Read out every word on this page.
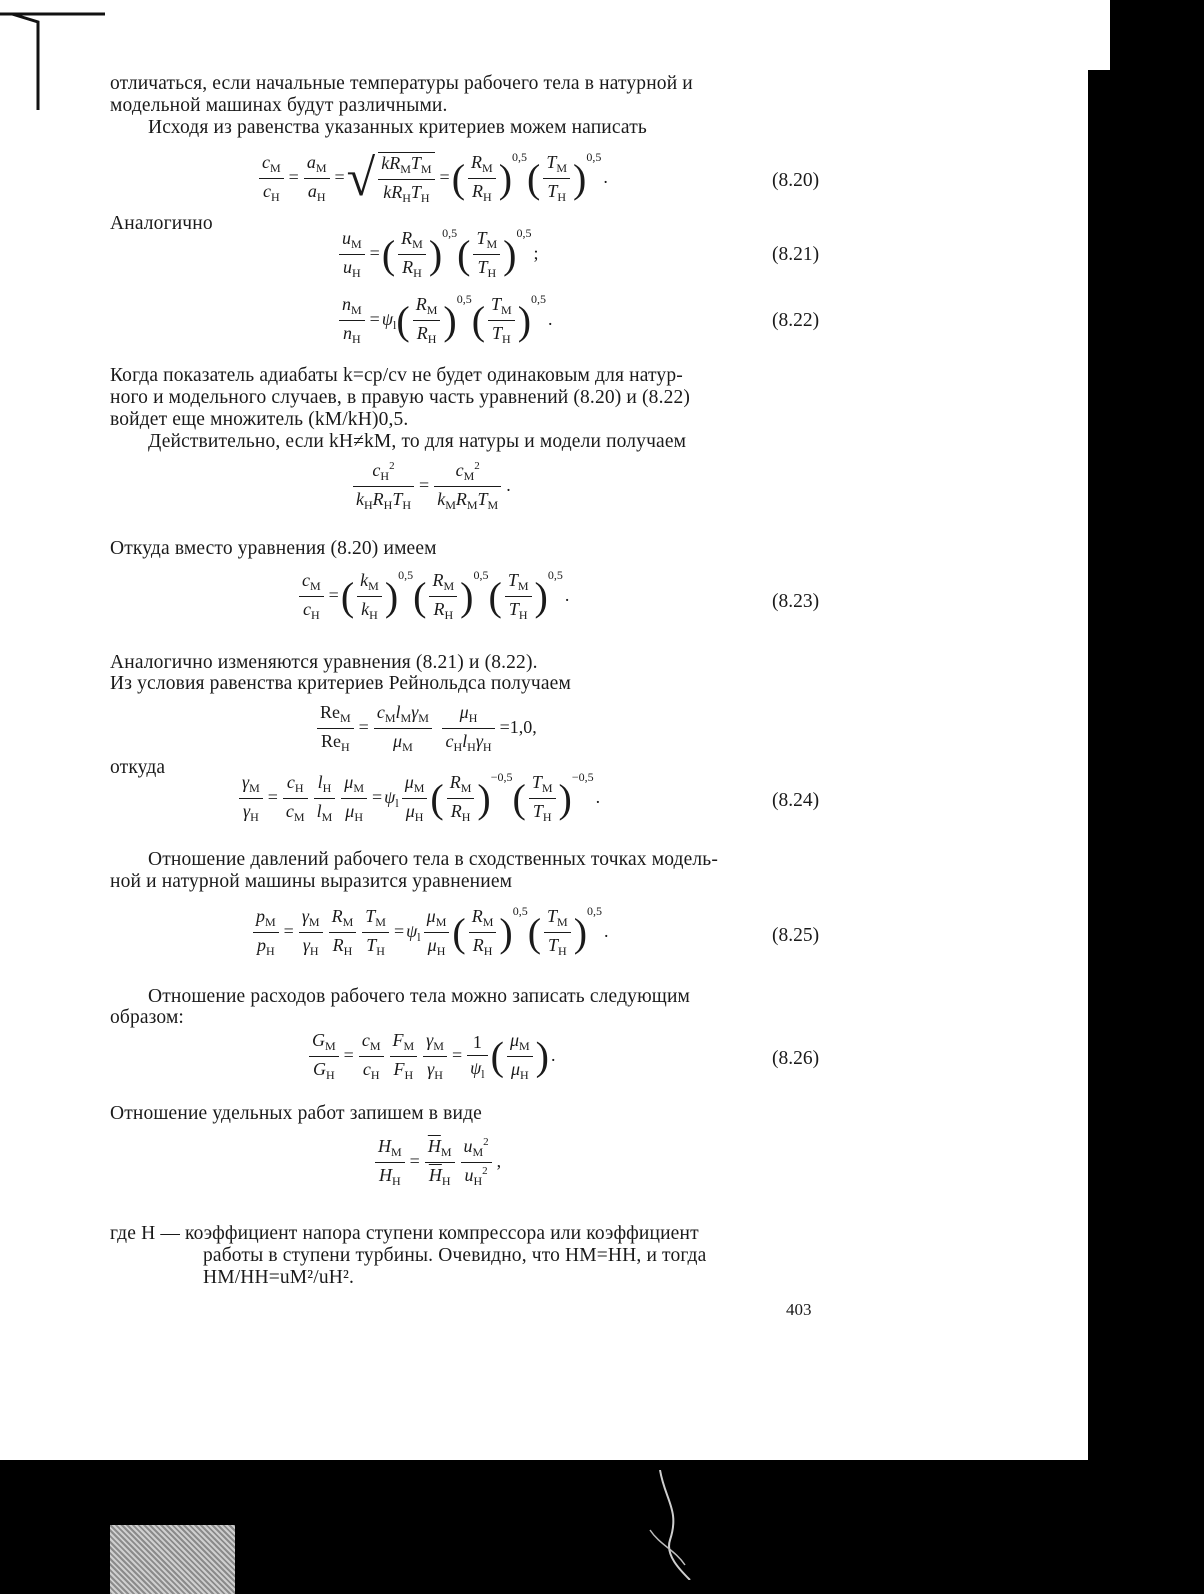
отличаться, если начальные температуры рабочего тела в натурной и
модельной машинах будут различными.
Исходя из равенства указанных критериев можем написать
$\frac{c_М}{c_Н} = \frac{a_М}{a_Н}$ =√ $\frac{kR_МT_М}{kR_НT_Н}$ =( $\frac{R_М}{R_Н} )^{0,5}( \frac{T_М}{T_Н} )^{0,5}$.	(8.20)
Аналогично
$\frac{u_М}{u_Н}$ =( $\frac{R_М}{R_Н} )^{0,5}( \frac{T_М}{T_Н} )^{0,5}$;	(8.21)
$\frac{n_М}{n_Н} = \psi_l( \frac{R_М}{R_Н} )^{0,5}( \frac{T_М}{T_Н} )^{0,5}$.	(8.22)
Когда показатель адиабаты k=cp/cv не будет одинаковым для натур-
ного и модельного случаев, в правую часть уравнений (8.20) и (8.22)
войдет еще множитель (kM/kH)0,5.
Действительно, если kH≠kM, то для натуры и модели получаем
$\frac{c_Н^2}{k_НR_НT_Н} = \frac{c_М^2}{k_МR_МT_М}$ .
Откуда вместо уравнения (8.20) имеем
$\frac{c_М}{c_Н}$ =( $\frac{k_М}{k_Н} )^{0,5}( \frac{R_М}{R_Н} )^{0,5}( \frac{T_М}{T_Н} )^{0,5}$.	(8.23)
Аналогично изменяются уравнения (8.21) и (8.22).
Из условия равенства критериев Рейнольдса получаем
$\frac{Re_М}{Re_Н} = \frac{c_Мl_М\gamma_М}{\mu_М}$
$\frac{\mu_Н}{c_Нl_Н\gamma_Н} =1,0$,
откуда
$\frac{\gamma_М}{\gamma_Н} = \frac{c_Н}{c_М} \frac{l_Н}{l_М} \frac{\mu_М}{\mu_Н} = \psi_l \frac{\mu_М}{\mu_Н}$ ( $\frac{R_М}{R_Н} )^{-0,5}( \frac{T_М}{T_Н} )^{-0,5}$.	(8.24)
Отношение давлений рабочего тела в сходственных точках модель-
ной и натурной машины выразится уравнением
$\frac{p_М}{p_Н} = \frac{\gamma_М}{\gamma_Н} \frac{R_М}{R_Н} \frac{T_М}{T_Н} = \psi_l \frac{\mu_М}{\mu_Н}$ ( $\frac{R_М}{R_Н} )^{0,5}( \frac{T_М}{T_Н} )^{0,5}$.	(8.25)
Отношение расходов рабочего тела можно записать следующим
образом:
$\frac{G_М}{G_Н} = \frac{c_М}{c_Н} \frac{F_М}{F_Н} \frac{\gamma_М}{\gamma_Н} = \frac{1}{\psi_l}$ ( $\frac{\mu_М}{\mu_Н}$ ) .	(8.26)
Отношение удельных работ запишем в виде
$\frac{H_М}{H_Н} = \frac{\overline{H}_М}{\overline{H}_Н} \frac{u_М^2}{u_Н^2}$ ,
где H — коэффициент напора ступени компрессора или коэффициент
работы в ступени турбины. Очевидно, что HM=HH, и тогда
HM/HH=uM²/uH².
403
